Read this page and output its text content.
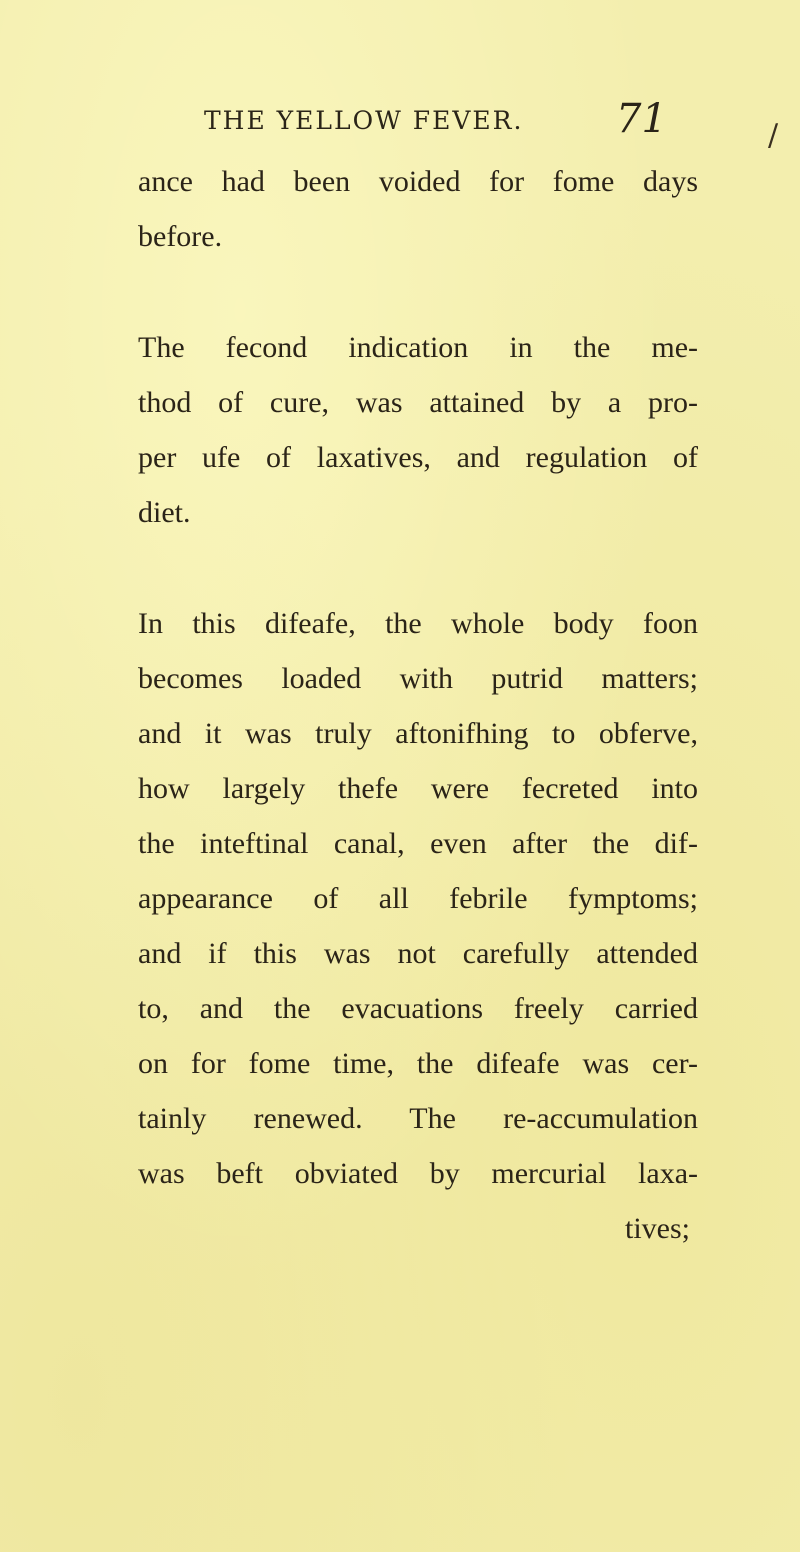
THE YELLOW FEVER. 71	/
ance had been voided for fome days
before.
The fecond indication in the me-
thod of cure, was attained by a pro-
per ufe of laxatives, and regulation of
diet.
In this difeafe, the whole body foon
becomes loaded with putrid matters;
and it was truly aftonifhing to obferve,
how largely thefe were fecreted into
the inteftinal canal, even after the dif-
appearance of all febrile fymptoms;
and if this was not carefully attended
to, and the evacuations freely carried
on for fome time, the difeafe was cer-
tainly renewed. The re-accumulation
was beft obviated by mercurial laxa-
tives;
